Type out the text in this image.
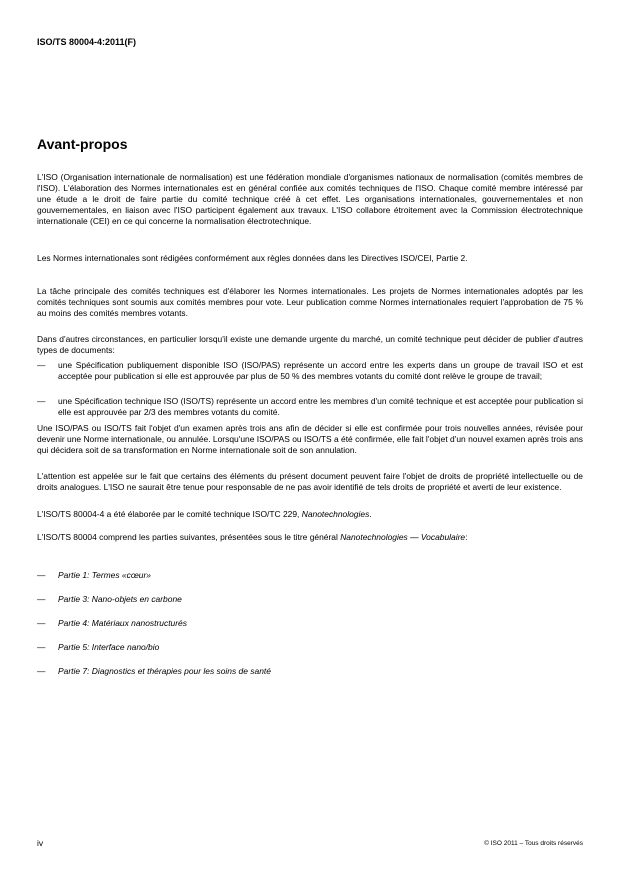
ISO/TS 80004-4:2011(F)
Avant-propos

L'ISO (Organisation internationale de normalisation) est une fédération mondiale d'organismes nationaux de normalisation (comités membres de l'ISO). L'élaboration des Normes internationales est en général confiée aux comités techniques de l'ISO. Chaque comité membre intéressé par une étude a le droit de faire partie du comité technique créé à cet effet. Les organisations internationales, gouvernementales et non gouvernementales, en liaison avec l'ISO participent également aux travaux. L'ISO collabore étroitement avec la Commission électrotechnique internationale (CEI) en ce qui concerne la normalisation électrotechnique.

Les Normes internationales sont rédigées conformément aux règles données dans les Directives ISO/CEI, Partie 2.

La tâche principale des comités techniques est d'élaborer les Normes internationales. Les projets de Normes internationales adoptés par les comités techniques sont soumis aux comités membres pour vote. Leur publication comme Normes internationales requiert l'approbation de 75 % au moins des comités membres votants.

Dans d'autres circonstances, en particulier lorsqu'il existe une demande urgente du marché, un comité technique peut décider de publier d'autres types de documents:

— une Spécification publiquement disponible ISO (ISO/PAS) représente un accord entre les experts dans un groupe de travail ISO et est acceptée pour publication si elle est approuvée par plus de 50 % des membres votants du comité dont relève le groupe de travail;
— une Spécification technique ISO (ISO/TS) représente un accord entre les membres d'un comité technique et est acceptée pour publication si elle est approuvée par 2/3 des membres votants du comité.

Une ISO/PAS ou ISO/TS fait l'objet d'un examen après trois ans afin de décider si elle est confirmée pour trois nouvelles années, révisée pour devenir une Norme internationale, ou annulée. Lorsqu'une ISO/PAS ou ISO/TS a été confirmée, elle fait l'objet d'un nouvel examen après trois ans qui décidera soit de sa transformation en Norme internationale soit de son annulation.

L'attention est appelée sur le fait que certains des éléments du présent document peuvent faire l'objet de droits de propriété intellectuelle ou de droits analogues. L'ISO ne saurait être tenue pour responsable de ne pas avoir identifié de tels droits de propriété et averti de leur existence.

L'ISO/TS 80004-4 a été élaborée par le comité technique ISO/TC 229, Nanotechnologies.

L'ISO/TS 80004 comprend les parties suivantes, présentées sous le titre général Nanotechnologies — Vocabulaire:

— Partie 1: Termes «cœur»
— Partie 3: Nano-objets en carbone
— Partie 4: Matériaux nanostructurés
— Partie 5: Interface nano/bio
— Partie 7: Diagnostics et thérapies pour les soins de santé
iv	© ISO 2011 – Tous droits réservés
